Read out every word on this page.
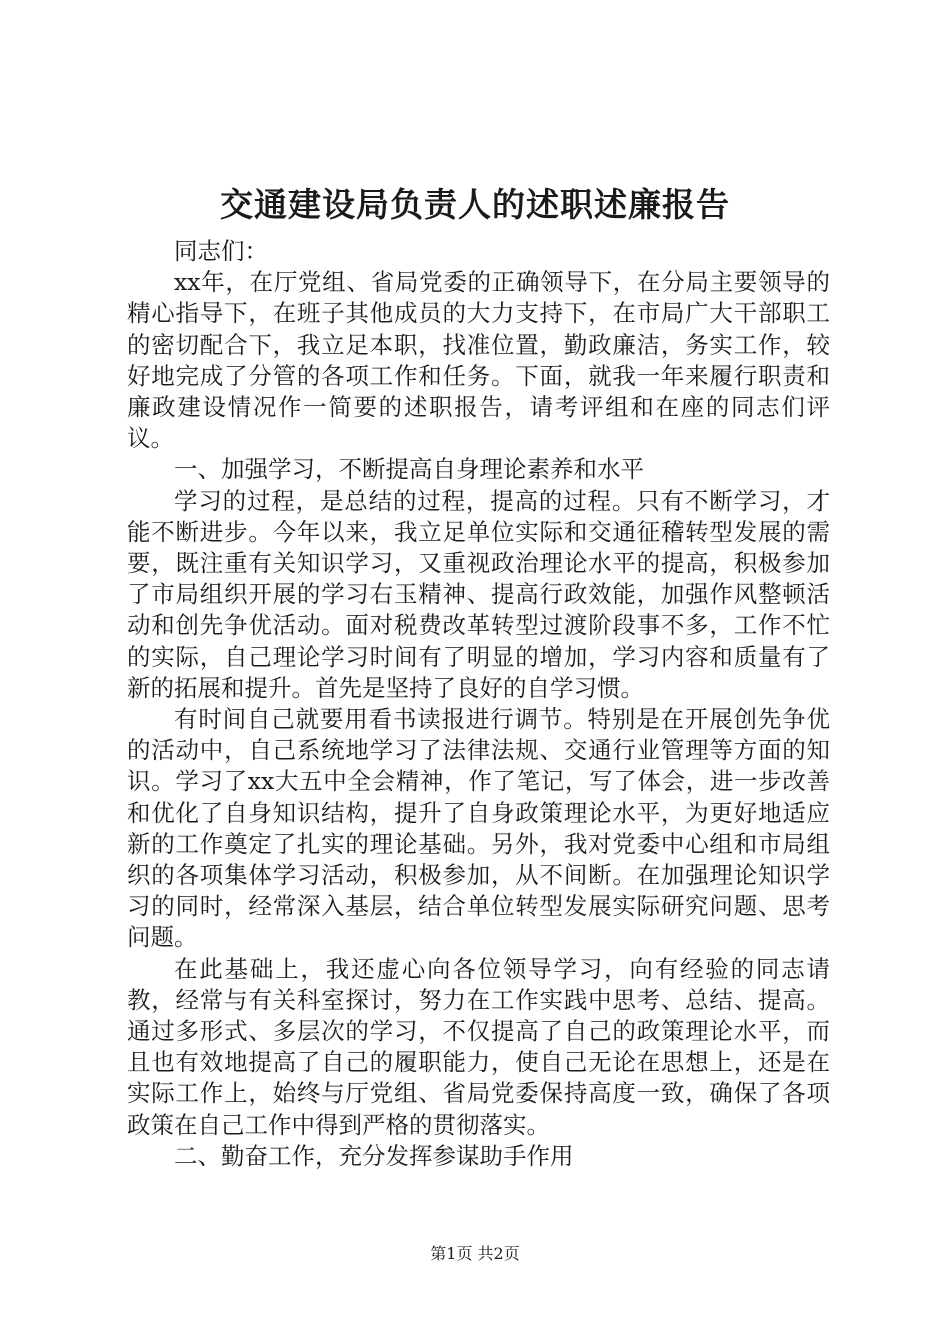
交通建设局负责人的述职述廉报告

同志们：

xx年，在厅党组、省局党委的正确领导下，在分局主要领导的精心指导下，在班子其他成员的大力支持下，在市局广大干部职工的密切配合下，我立足本职，找准位置，勤政廉洁，务实工作，较好地完成了分管的各项工作和任务。下面，就我一年来履行职责和廉政建设情况作一简要的述职报告，请考评组和在座的同志们评议。

一、加强学习，不断提高自身理论素养和水平

学习的过程，是总结的过程，提高的过程。只有不断学习，才能不断进步。今年以来，我立足单位实际和交通征稽转型发展的需要，既注重有关知识学习，又重视政治理论水平的提高，积极参加了市局组织开展的学习右玉精神、提高行政效能，加强作风整顿活动和创先争优活动。面对税费改革转型过渡阶段事不多，工作不忙的实际，自己理论学习时间有了明显的增加，学习内容和质量有了新的拓展和提升。首先是坚持了良好的自学习惯。

有时间自己就要用看书读报进行调节。特别是在开展创先争优的活动中，自己系统地学习了法律法规、交通行业管理等方面的知识。学习了xx大五中全会精神，作了笔记，写了体会，进一步改善和优化了自身知识结构，提升了自身政策理论水平，为更好地适应新的工作奠定了扎实的理论基础。另外，我对党委中心组和市局组织的各项集体学习活动，积极参加，从不间断。在加强理论知识学习的同时，经常深入基层，结合单位转型发展实际研究问题、思考问题。

在此基础上，我还虚心向各位领导学习，向有经验的同志请教，经常与有关科室探讨，努力在工作实践中思考、总结、提高。通过多形式、多层次的学习，不仅提高了自己的政策理论水平，而且也有效地提高了自己的履职能力，使自己无论在思想上，还是在实际工作上，始终与厅党组、省局党委保持高度一致，确保了各项政策在自己工作中得到严格的贯彻落实。

二、勤奋工作，充分发挥参谋助手作用

第1页 共2页
